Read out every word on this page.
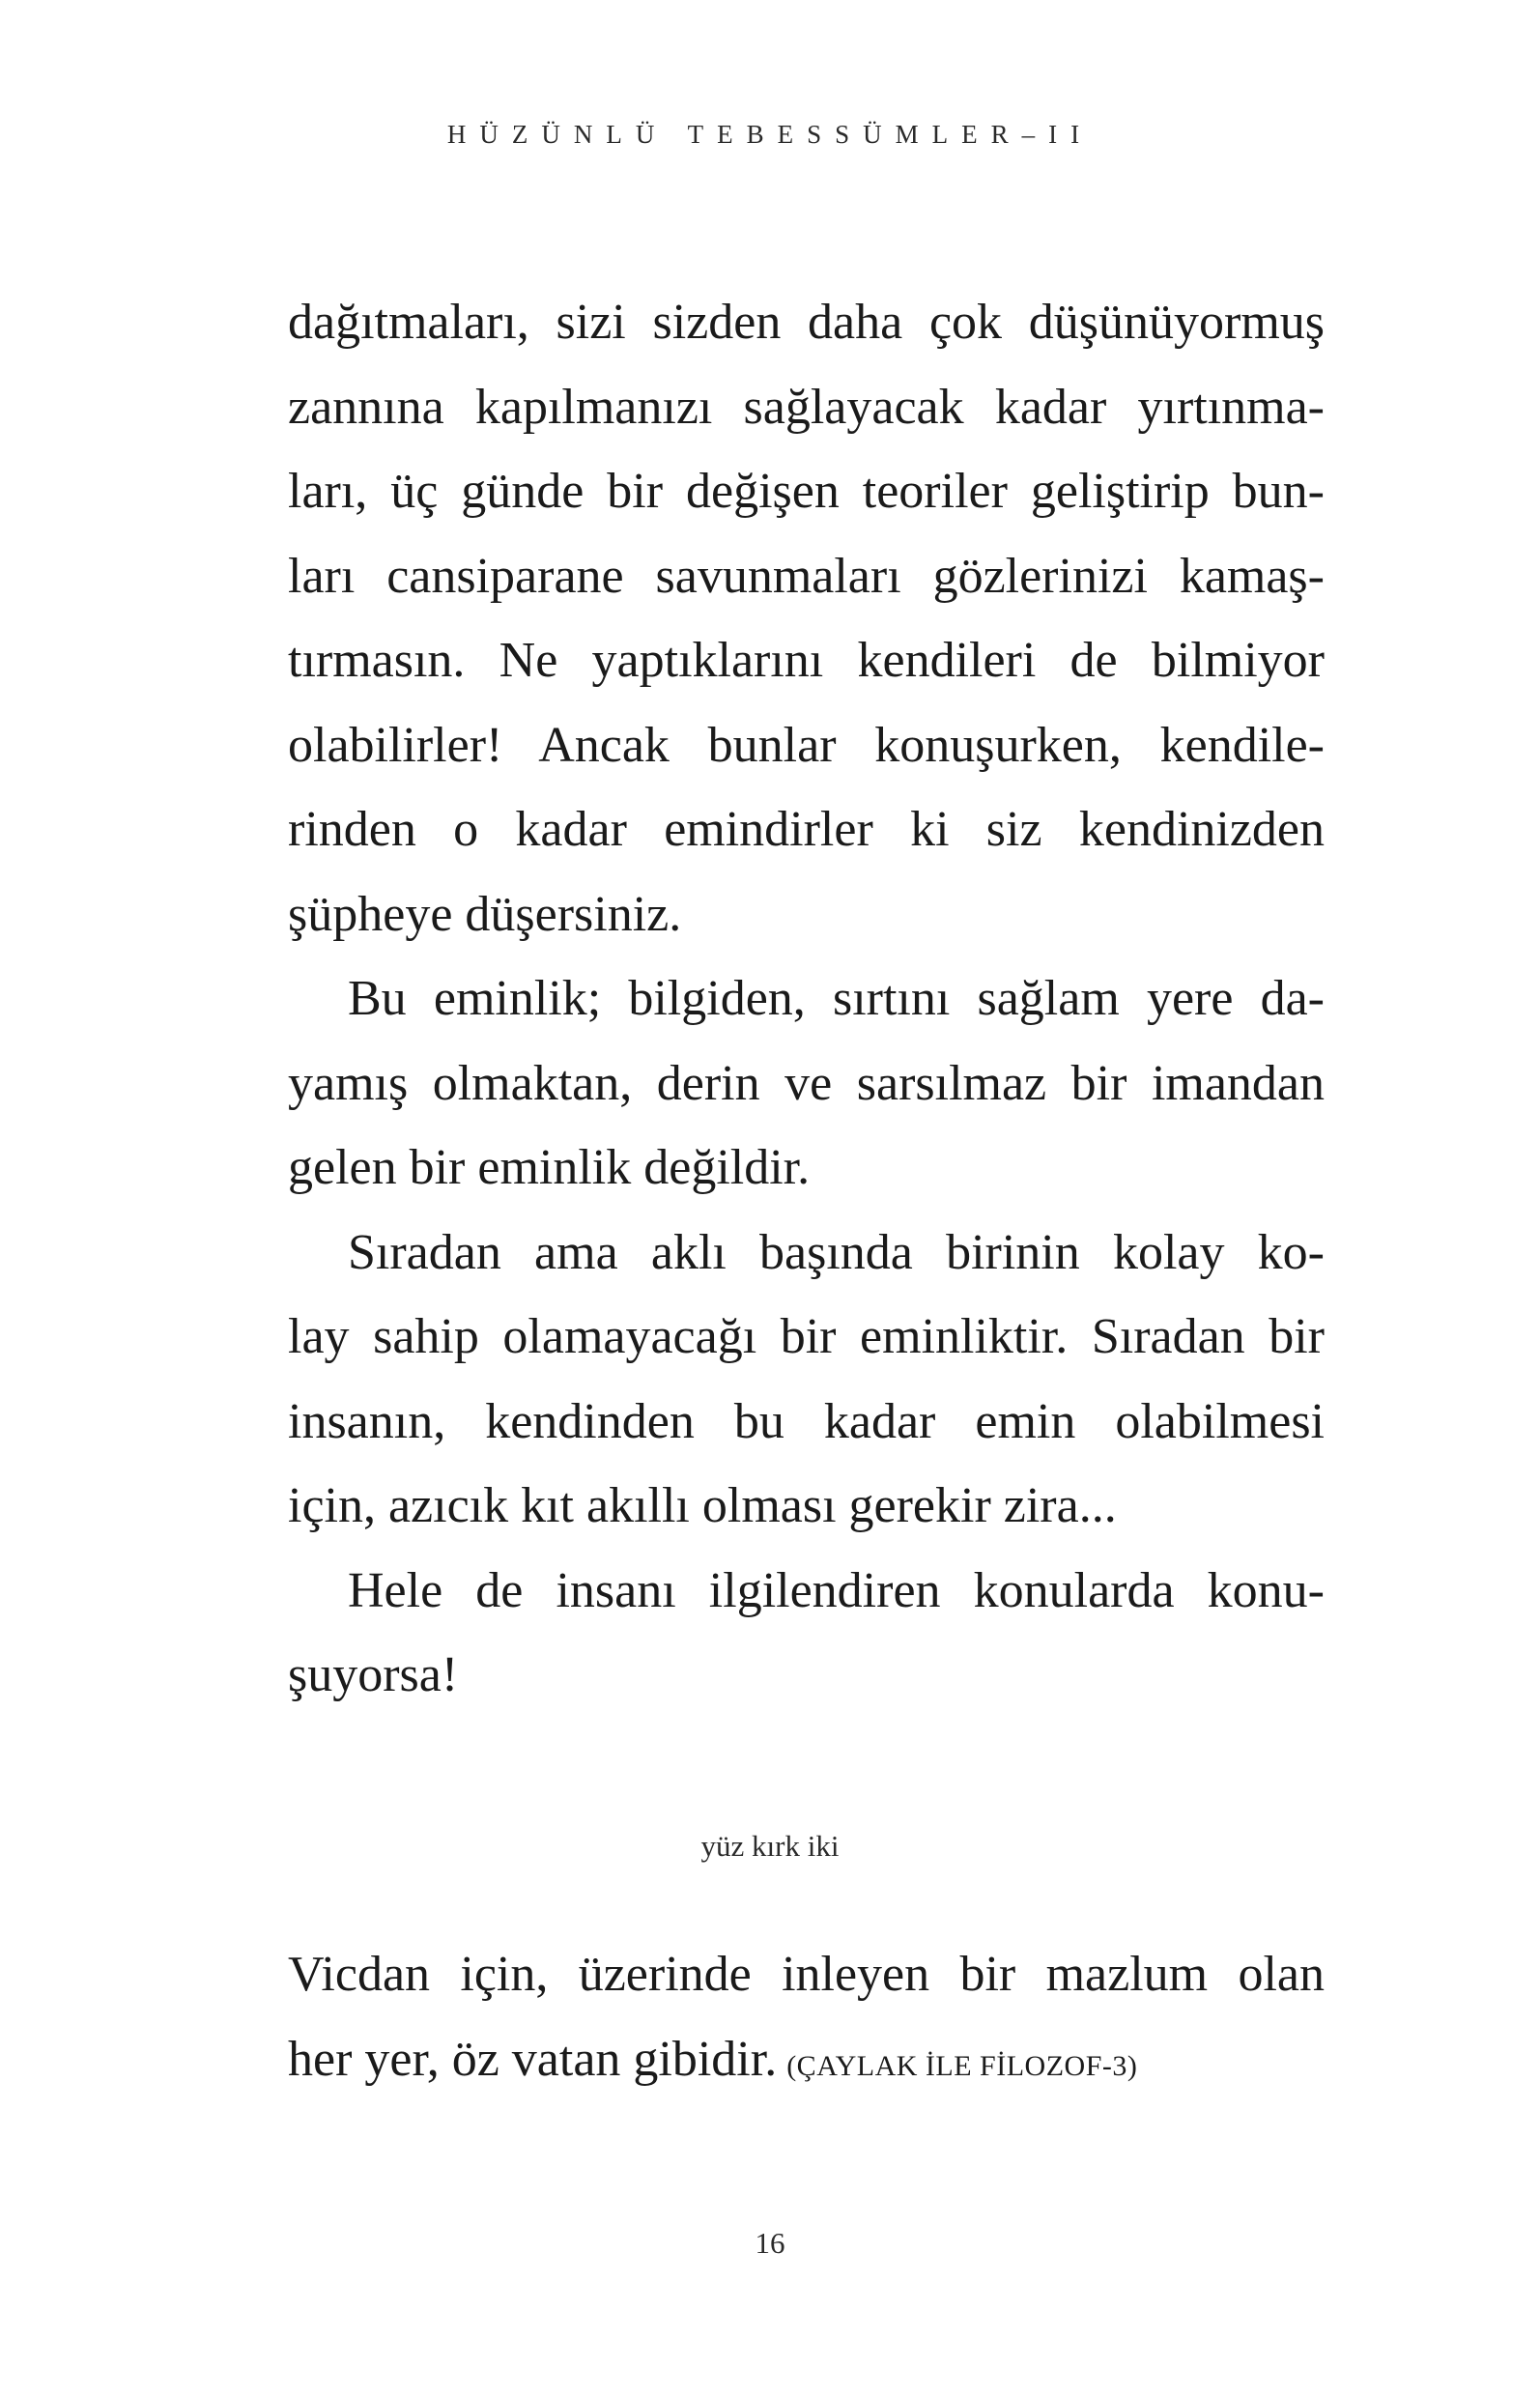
HÜZÜNLÜ TEBESSÜMLER–II

dağıtmaları, sizi sizden daha çok düşünüyormuş

zannına kapılmanızı sağlayacak kadar yırtınma-

ları, üç günde bir değişen teoriler geliştirip bun-

ları cansiparane savunmaları gözlerinizi kamaş-

tırmasın. Ne yaptıklarını kendileri de bilmiyor

olabilirler! Ancak bunlar konuşurken, kendile-

rinden o kadar emindirler ki siz kendinizden

şüpheye düşersiniz.

Bu eminlik; bilgiden, sırtını sağlam yere da-

yamış olmaktan, derin ve sarsılmaz bir imandan

gelen bir eminlik değildir.

Sıradan ama aklı başında birinin kolay ko-

lay sahip olamayacağı bir eminliktir. Sıradan bir

insanın, kendinden bu kadar emin olabilmesi

için, azıcık kıt akıllı olması gerekir zira...

Hele de insanı ilgilendiren konularda konu-

şuyorsa!

yüz kırk iki

Vicdan için, üzerinde inleyen bir mazlum olan

her yer, öz vatan gibidir. (ÇAYLAK İLE FİLOZOF-3)

16
